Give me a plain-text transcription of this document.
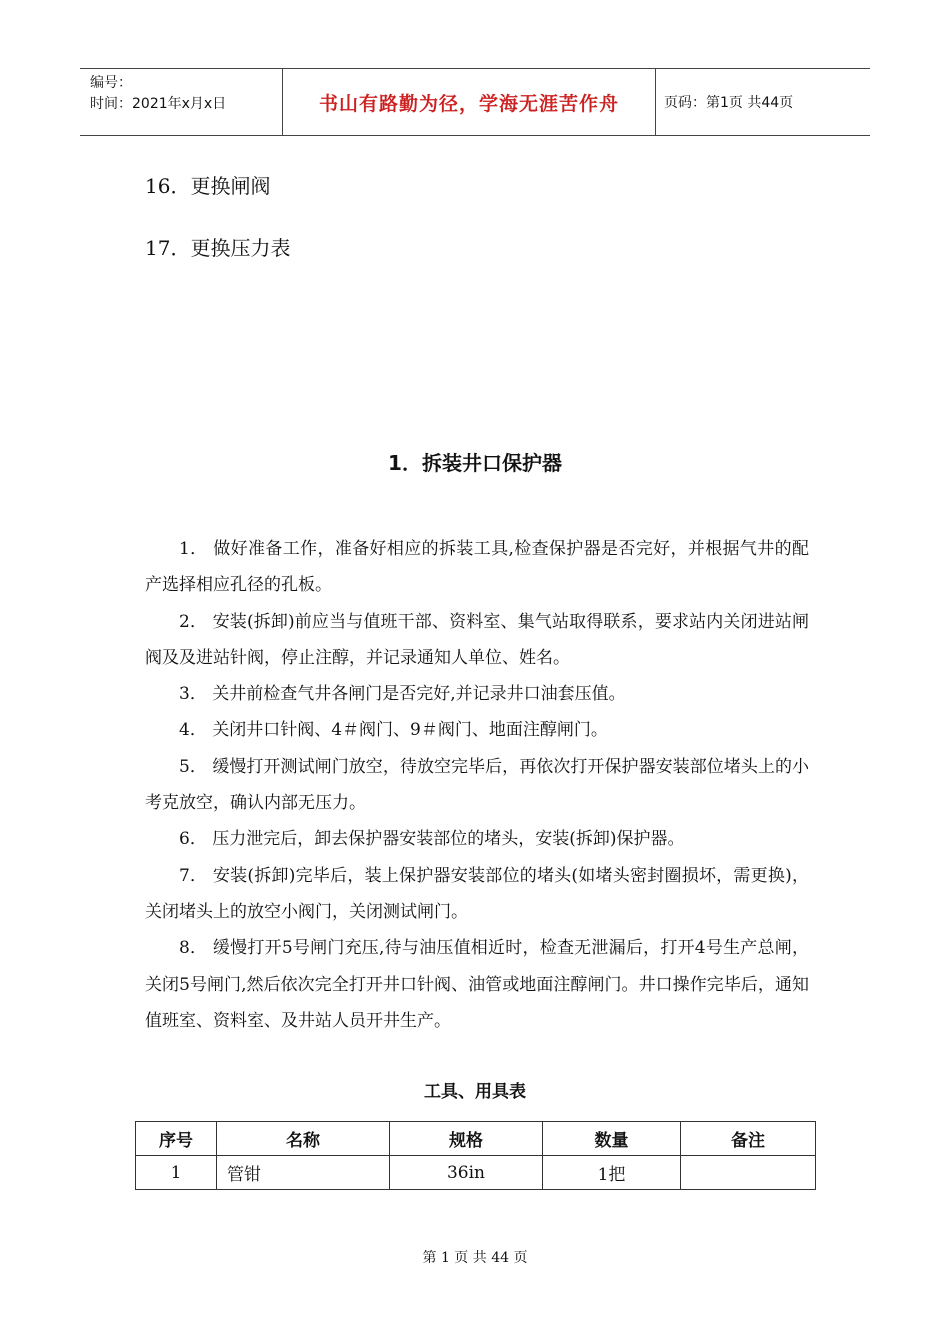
编号：
时间：2021年x月x日	书山有路勤为径，学海无涯苦作舟	页码：第1页 共44页
16．更换闸阀
17．更换压力表
1．拆装井口保护器

1． 做好准备工作，准备好相应的拆装工具,检查保护器是否完好，并根据气井的配产选择相应孔径的孔板。

2． 安装(拆卸)前应当与值班干部、资料室、集气站取得联系，要求站内关闭进站闸阀及及进站针阀，停止注醇，并记录通知人单位、姓名。

3． 关井前检查气井各闸门是否完好,并记录井口油套压值。

4． 关闭井口针阀、4＃阀门、9＃阀门、地面注醇闸门。

5． 缓慢打开测试闸门放空，待放空完毕后，再依次打开保护器安装部位堵头上的小考克放空，确认内部无压力。

6． 压力泄完后，卸去保护器安装部位的堵头，安装(拆卸)保护器。

7． 安装(拆卸)完毕后，装上保护器安装部位的堵头(如堵头密封圈损坏，需更换)，关闭堵头上的放空小阀门，关闭测试闸门。

8． 缓慢打开5号闸门充压,待与油压值相近时，检查无泄漏后，打开4号生产总闸，关闭5号闸门,然后依次完全打开井口针阀、油管或地面注醇闸门。井口操作完毕后，通知值班室、资料室、及井站人员开井生产。

工具、用具表
序号	名称	规格	数量	备注
1	管钳	36in	1把	
第 1 页 共 44 页
